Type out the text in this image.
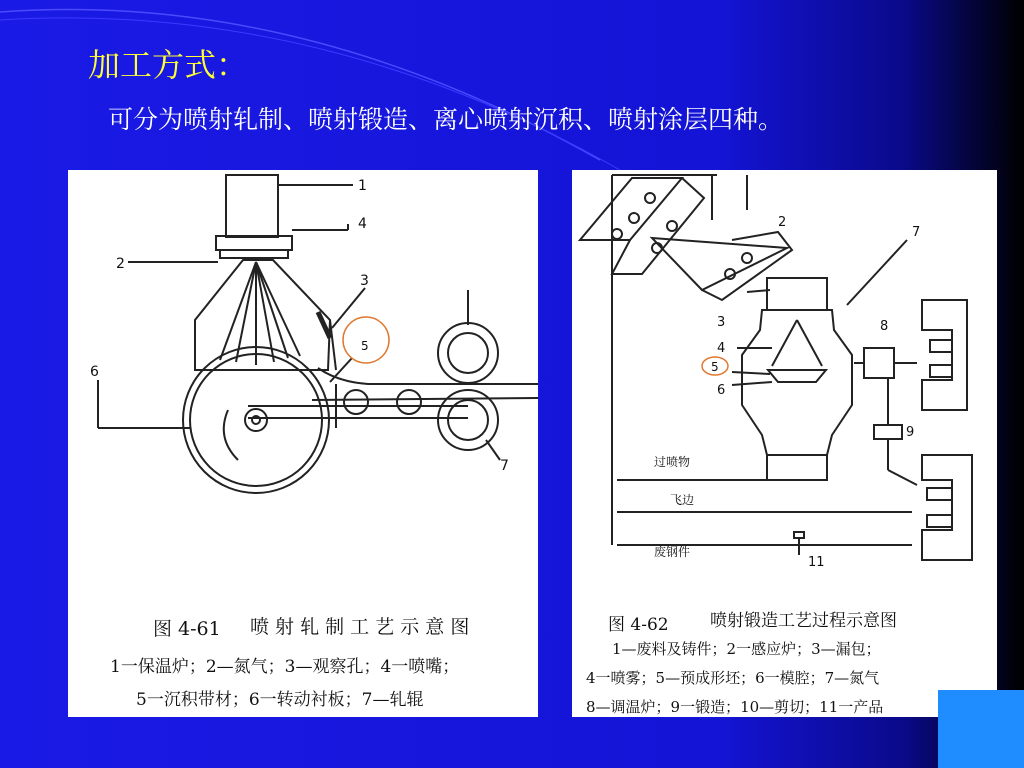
加工方式：
可分为喷射轧制、喷射锻造、离心喷射沉积、喷射涂层四种。
1
4
2
3
5
6
7
图 4-61 喷 射 轧 制 工 艺 示 意 图
1一保温炉；2—氮气；3—观察孔；4一喷嘴；
5一沉积带材；6一转动衬板；7—轧辊
2
7
3	8
4
5
6
9
11
过喷物
飞边
废钢件
图 4-62 喷射锻造工艺过程示意图
1—废料及铸件；2一感应炉；3—漏包；
4一喷雾；5—预成形坯；6一模腔；7—氮气
8—调温炉；9一锻造；10—剪切；11一产品
